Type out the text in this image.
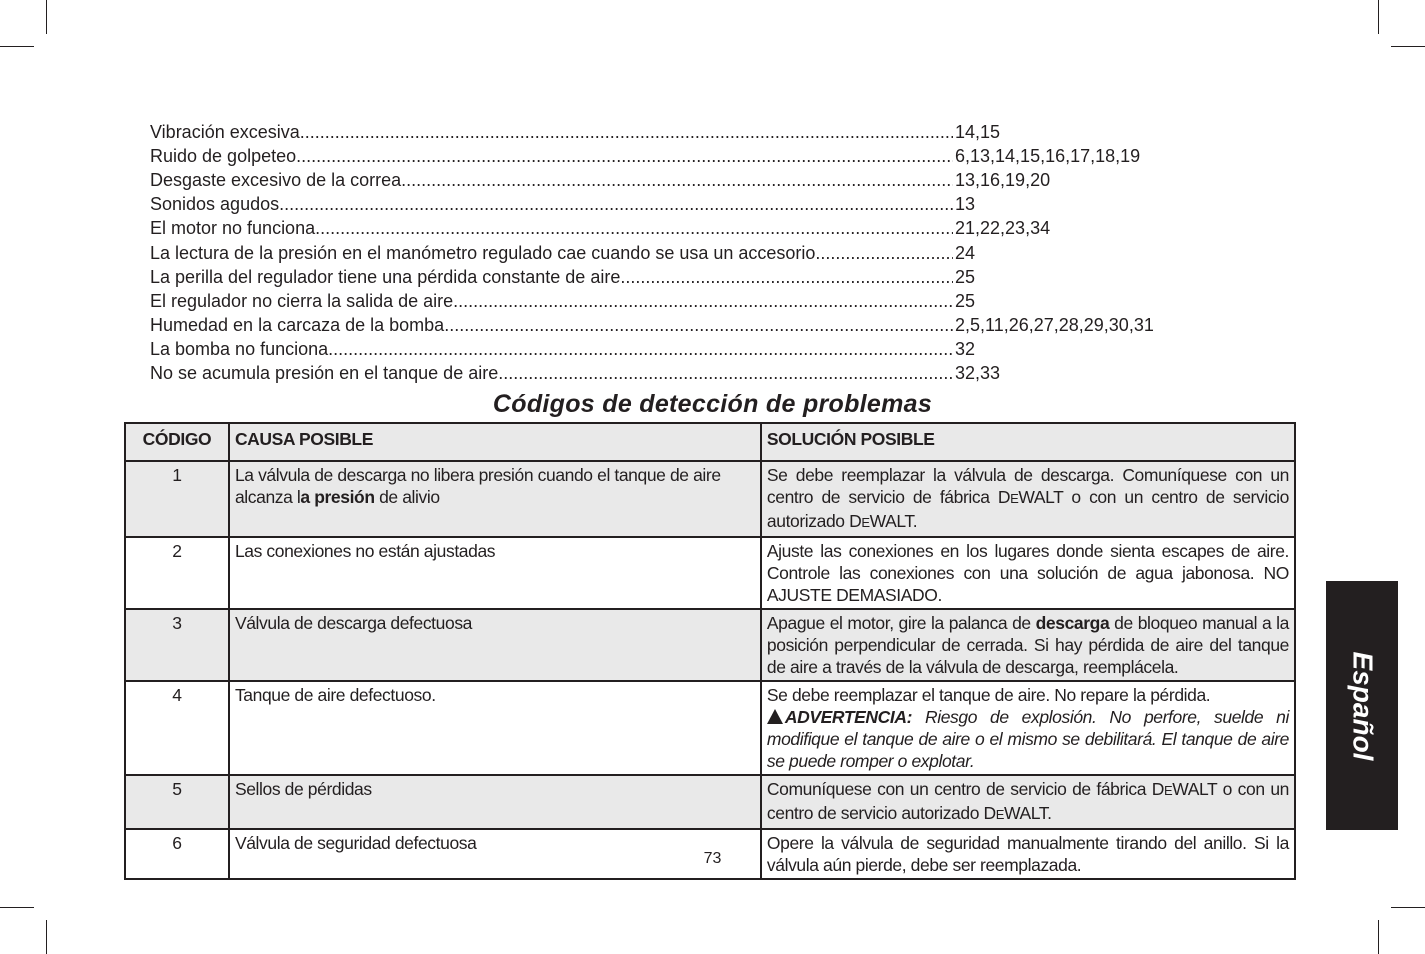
Vibración excesiva .....	14,15
Ruido de golpeteo .....	6,13,14,15,16,17,18,19
Desgaste excesivo de la correa .....	13,16,19,20
Sonidos agudos .....	13
El motor no funciona .....	21,22,23,34
La lectura de la presión en el manómetro regulado cae cuando se usa un accesorio .....	24
La perilla del regulador tiene una pérdida constante de aire .....	25
El regulador no cierra la salida de aire .....	25
Humedad en la carcaza de la bomba .....	2,5,11,26,27,28,29,30,31
La bomba no funciona .....	32
No se acumula presión en el tanque de aire .....	32,33
Códigos de detección de problemas
CÓDIGO	CAUSA POSIBLE	SOLUCIÓN POSIBLE
1	La válvula de descarga no libera presión cuando el tanque de aire alcanza la presión de alivio	Se debe reemplazar la válvula de descarga. Comuníquese con un centro de servicio de fábrica DEWALT o con un centro de servicio autorizado DEWALT.

2	Las conexiones no están ajustadas	Ajuste las conexiones en los lugares donde sienta escapes de aire. Controle las conexiones con una solución de agua jabonosa. NO AJUSTE DEMASIADO.

3	Válvula de descarga defectuosa	Apague el motor, gire la palanca de descarga de bloqueo manual a la posición perpendicular de cerrada. Si hay pérdida de aire del tanque de aire a través de la válvula de descarga, reemplácela.

4	Tanque de aire defectuoso.	Se debe reemplazar el tanque de aire. No repare la pérdida.
ADVERTENCIA: Riesgo de explosión. No perfore, suelde ni modifique el tanque de aire o el mismo se debilitará. El tanque de aire se puede romper o explotar.

5	Sellos de pérdidas	Comuníquese con un centro de servicio de fábrica DEWALT o con un centro de servicio autorizado DEWALT.

6	Válvula de seguridad defectuosa	Opere la válvula de seguridad manualmente tirando del anillo. Si la válvula aún pierde, debe ser reemplazada.
73
Español
